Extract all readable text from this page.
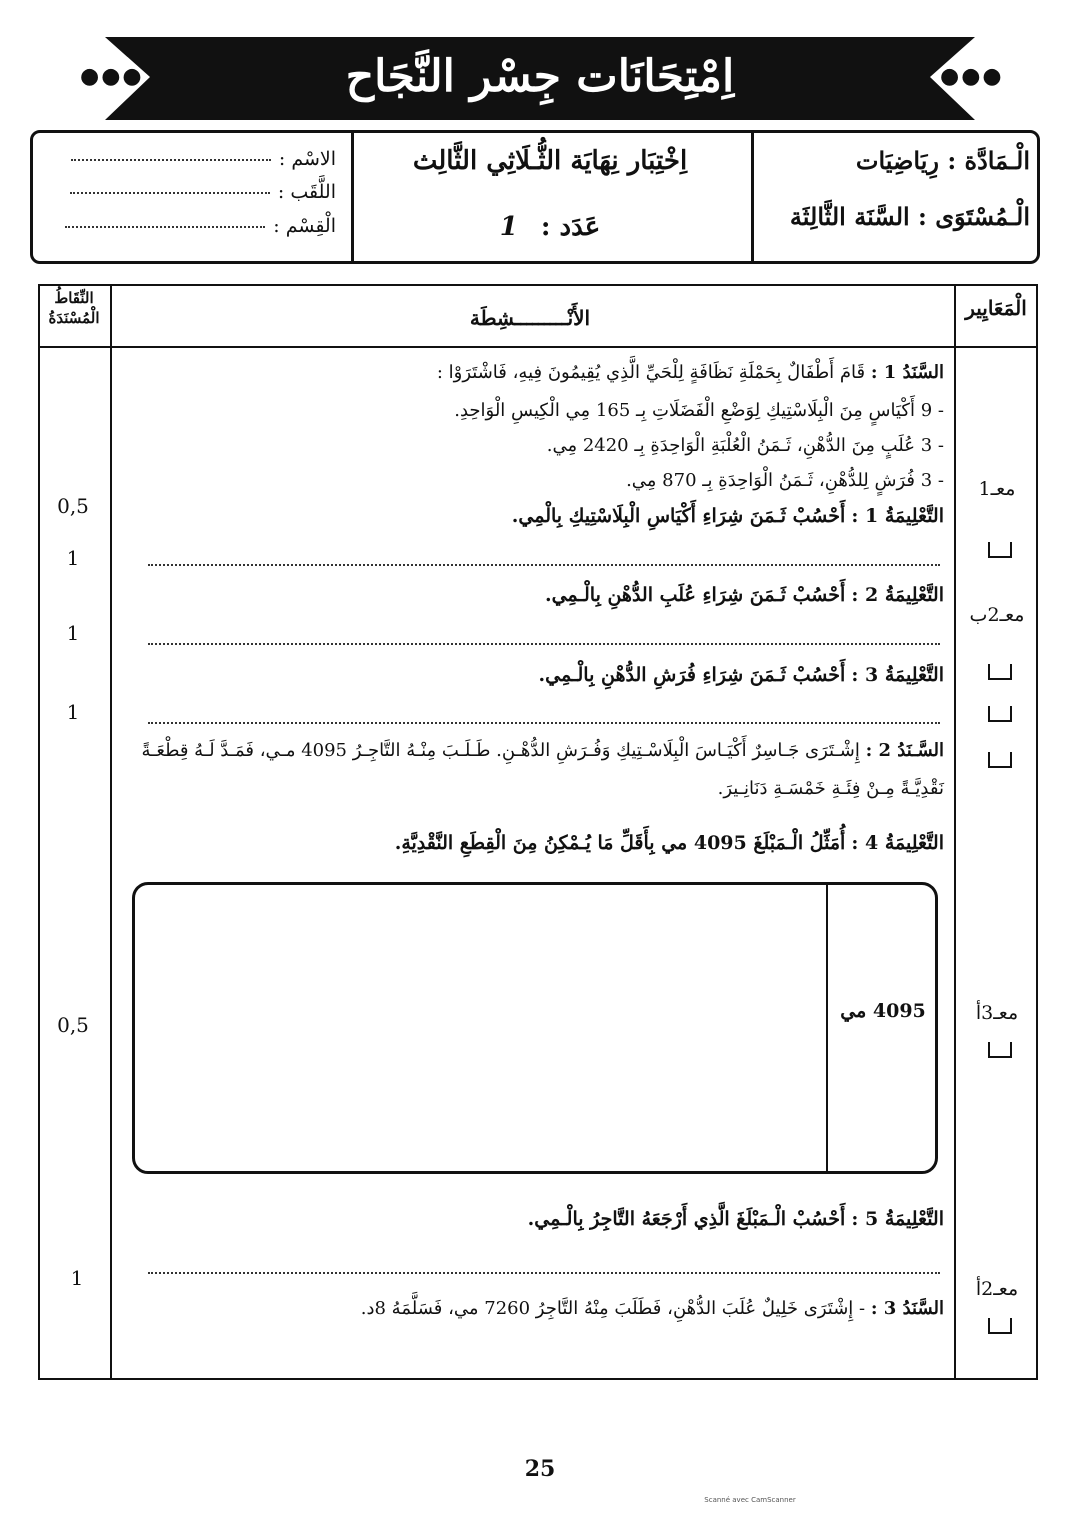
اِمْتِحَانَات جِسْر النَّجَاح
●●●	●●●
الْـمَادَّة : رِيَاضِيَات
الْـمُسْتَوَى : السَّنَة الثَّالِثَة
اِخْتِبَار نِهَايَة الثُّـلَاثِي الثَّالِث
عَدَد : 1
الاسْم :
اللَّقَب :
الْقِسْم :
الْمَعَايِير
الأَنْـــــــــشِطَة
النِّقَاطُ الْمُسْنَدَةُ
السَّنَدُ 1 : قَامَ أَطْفَالٌ بِحَمْلَةِ نَظَافَةٍ لِلْحَيِّ الَّذِي يُقِيمُونَ فِيهِ، فَاشْتَرَوْا :
- 9 أَكْيَاسٍ مِنَ الْبِلَاسْتِيكِ لِوَضْعِ الْفَضَلَاتِ بِـ 165 مِي الْكِيسِ الْوَاحِدِ.
- 3 عُلَبٍ مِنَ الدُّهْنِ، ثَـمَنُ الْعُلْبَةِ الْوَاحِدَةِ بِـ 2420 مِي.
- 3 فُرَشٍ لِلدُّهْنِ، ثَـمَنُ الْوَاحِدَةِ بِـ 870 مِي.
التَّعْلِيمَةُ 1 : أَحْسُبْ ثَـمَنَ شِرَاءِ أَكْيَاسِ الْبِلَاسْتِيكِ بِالْمِي.
التَّعْلِيمَةُ 2 : أَحْسُبْ ثَـمَنَ شِرَاءِ عُلَبِ الدُّهْنِ بِالْـمِي.
التَّعْلِيمَةُ 3 : أَحْسُبْ ثَـمَنَ شِرَاءِ فُرَشِ الدُّهْنِ بِالْـمِي.
السَّـنَدُ 2 : إِشْـتَرَى جَـاسِرٌ أَكْيَـاسَ الْبِلَاسْـتِيكِ وَفُـرَشِ الدُّهْـنِ. طَـلَـبَ مِنْـهُ التَّاجِـرُ 4095 مـي، فَمَـدَّ لَـهُ قِطْعَـةً
نَقْدِيَّـةً مِـنْ فِئَـةِ خَمْسَـةِ دَنَانِـيرَ.
التَّعْلِيمَةُ 4 : أُمَثِّلُ الْـمَبْلَغَ 4095 مي بِأَقَلِّ مَا يُـمْكِنُ مِنَ الْقِطَعِ النَّقْدِيَّةِ.
4095 مي
التَّعْلِيمَةُ 5 : أَحْسُبْ الْـمَبْلَغَ الَّذِي أَرْجَعَهُ التَّاجِرُ بِالْـمِي.
السَّنَدُ 3 : - إِشْتَرَى خَلِيلٌ عُلَبَ الدُّهْنِ، فَطَلَبَ مِنْهُ التَّاجِرُ 7260 مي، فَسَلَّمَهُ 8د.
معـ1
معـ2ب
معـ3أ
معـ2أ
0,5
1
1
1
0,5
1
25
Scanné avec CamScanner
